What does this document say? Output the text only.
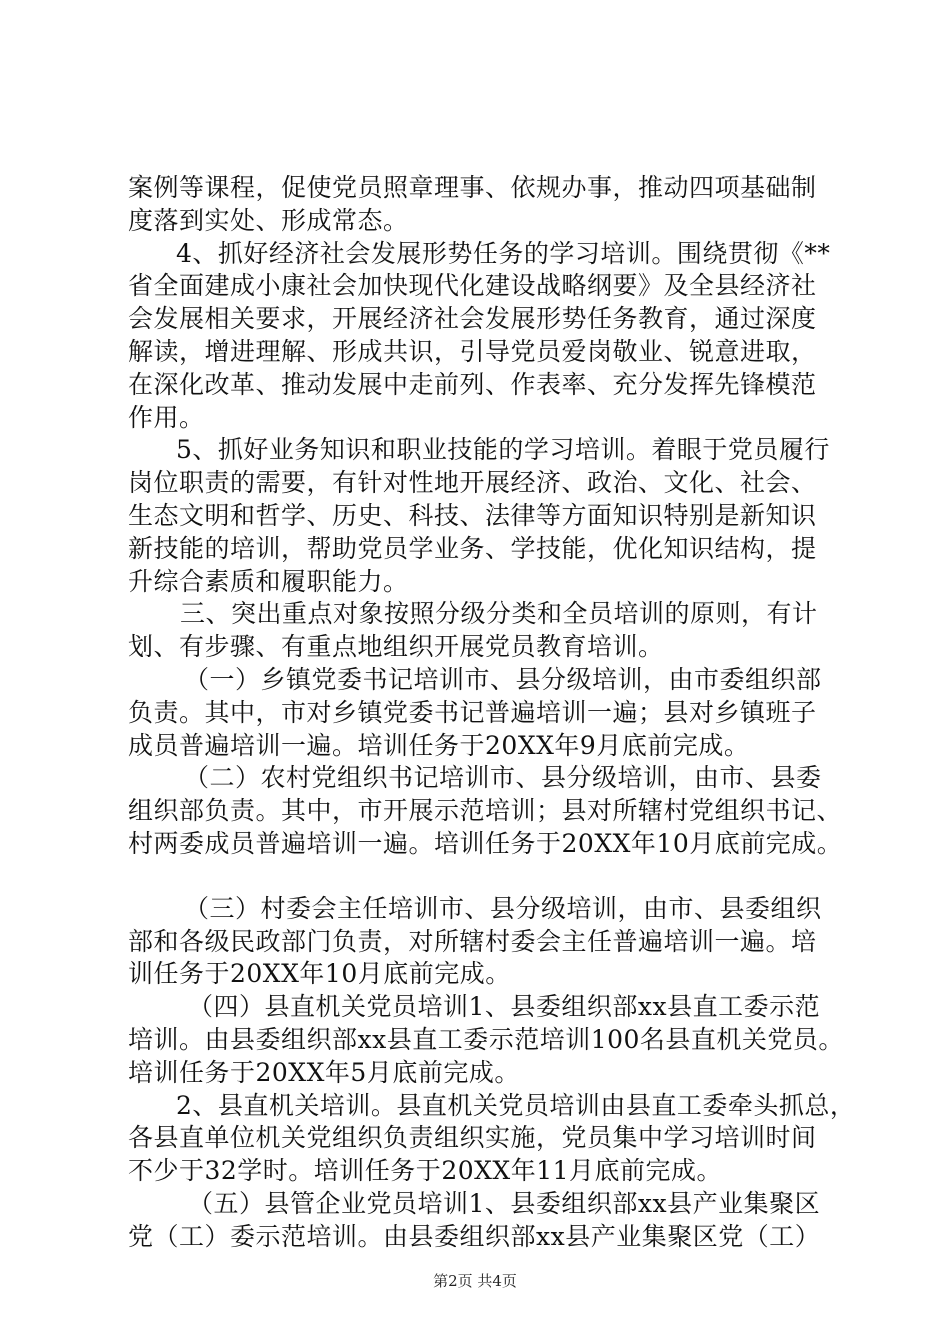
案例等课程，促使党员照章理事、依规办事，推动四项基础制
度落到实处、形成常态。
4、抓好经济社会发展形势任务的学习培训。围绕贯彻《**
省全面建成小康社会加快现代化建设战略纲要》及全县经济社
会发展相关要求，开展经济社会发展形势任务教育，通过深度
解读，增进理解、形成共识，引导党员爱岗敬业、锐意进取，
在深化改革、推动发展中走前列、作表率、充分发挥先锋模范
作用。
5、抓好业务知识和职业技能的学习培训。着眼于党员履行
岗位职责的需要，有针对性地开展经济、政治、文化、社会、
生态文明和哲学、历史、科技、法律等方面知识特别是新知识
新技能的培训，帮助党员学业务、学技能，优化知识结构，提
升综合素质和履职能力。
三、突出重点对象按照分级分类和全员培训的原则，有计
划、有步骤、有重点地组织开展党员教育培训。
（一）乡镇党委书记培训市、县分级培训，由市委组织部
负责。其中，市对乡镇党委书记普遍培训一遍；县对乡镇班子
成员普遍培训一遍。培训任务于20XX年9月底前完成。
（二）农村党组织书记培训市、县分级培训，由市、县委
组织部负责。其中，市开展示范培训；县对所辖村党组织书记、
村两委成员普遍培训一遍。培训任务于20XX年10月底前完成。
（三）村委会主任培训市、县分级培训，由市、县委组织
部和各级民政部门负责，对所辖村委会主任普遍培训一遍。培
训任务于20XX年10月底前完成。
（四）县直机关党员培训1、县委组织部xx县直工委示范
培训。由县委组织部xx县直工委示范培训100名县直机关党员。
培训任务于20XX年5月底前完成。
2、县直机关培训。县直机关党员培训由县直工委牵头抓总，
各县直单位机关党组织负责组织实施，党员集中学习培训时间
不少于32学时。培训任务于20XX年11月底前完成。
（五）县管企业党员培训1、县委组织部xx县产业集聚区
党（工）委示范培训。由县委组织部xx县产业集聚区党（工）
第2页 共4页
